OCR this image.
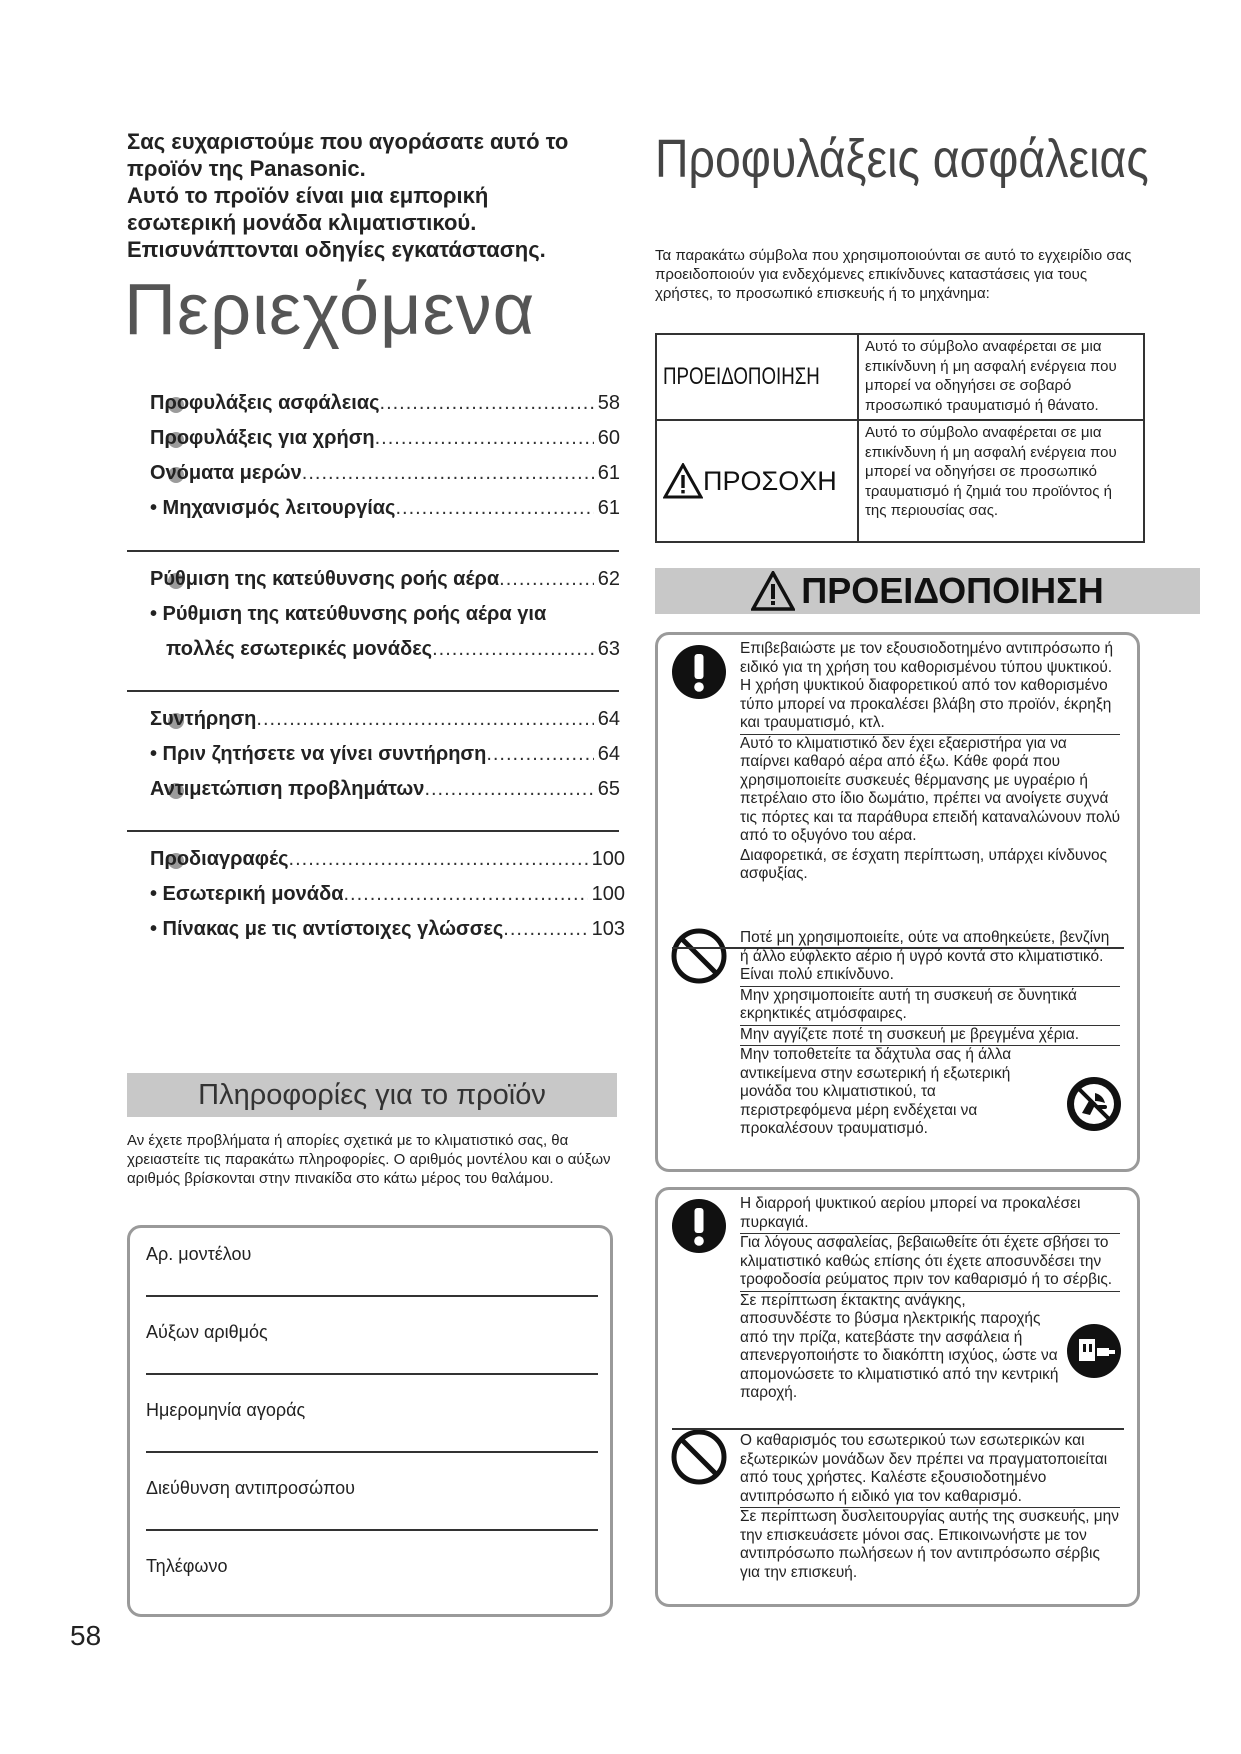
Σας ευχαριστούμε που αγοράσατε αυτό το
προϊόν της Panasonic.
Αυτό το προϊόν είναι μια εμπορική
εσωτερική μονάδα κλιματιστικού.
Επισυνάπτονται οδηγίες εγκατάστασης.
Περιεχόμενα
Προφυλάξεις ασφάλειας .....	58
Προφυλάξεις για χρήση .....	60
Ονόματα μερών .....	61
• Μηχανισμός λειτουργίας .....	61
Ρύθμιση της κατεύθυνσης ροής αέρα .....	62
• Ρύθμιση της κατεύθυνσης ροής αέρα για
πολλές εσωτερικές μονάδες .....	63
Συντήρηση .....	64
• Πριν ζητήσετε να γίνει συντήρηση .....	64
Αντιμετώπιση προβλημάτων .....	65
Προδιαγραφές .....	100
• Εσωτερική μονάδα .....	100
• Πίνακας με τις αντίστοιχες γλώσσες .....	103
Πληροφορίες για το προϊόν
Αν έχετε προβλήματα ή απορίες σχετικά με το κλιματιστικό σας, θα χρειαστείτε τις παρακάτω πληροφορίες. Ο αριθμός μοντέλου και ο αύξων αριθμός βρίσκονται στην πινακίδα στο κάτω μέρος του θαλάμου.
Αρ. μοντέλου
Αύξων αριθμός
Ημερομηνία αγοράς
Διεύθυνση αντιπροσώπου
Τηλέφωνο
58
Προφυλάξεις ασφάλειας
Τα παρακάτω σύμβολα που χρησιμοποιούνται σε αυτό το εγχειρίδιο σας προειδοποιούν για ενδεχόμενες επικίνδυνες καταστάσεις για τους χρήστες, το προσωπικό επισκευής ή το μηχάνημα:
ΠΡΟΕΙΔΟΠΟΙΗΣΗ
Αυτό το σύμβολο αναφέρεται σε μια επικίνδυνη ή μη ασφαλή ενέργεια που μπορεί να οδηγήσει σε σοβαρό προσωπικό τραυματισμό ή θάνατο.
ΠΡΟΣΟΧΗ
Αυτό το σύμβολο αναφέρεται σε μια επικίνδυνη ή μη ασφαλή ενέργεια που μπορεί να οδηγήσει σε προσωπικό τραυματισμό ή ζημιά του προϊόντος ή της περιουσίας σας.
ΠΡΟΕΙΔΟΠΟΙΗΣΗ

Επιβεβαιώστε με τον εξουσιοδοτημένο αντιπρόσωπο ή ειδικό για τη χρήση του καθορισμένου τύπου ψυκτικού. Η χρήση ψυκτικού διαφορετικού από τον καθορισμένο τύπο μπορεί να προκαλέσει βλάβη στο προϊόν, έκρηξη και τραυματισμό, κτλ.

Αυτό το κλιματιστικό δεν έχει εξαεριστήρα για να παίρνει καθαρό αέρα από έξω. Κάθε φορά που χρησιμοποιείτε συσκευές θέρμανσης με υγραέριο ή πετρέλαιο στο ίδιο δωμάτιο, πρέπει να ανοίγετε συχνά τις πόρτες και τα παράθυρα επειδή καταναλώνουν πολύ από το οξυγόνο του αέρα.

Διαφορετικά, σε έσχατη περίπτωση, υπάρχει κίνδυνος ασφυξίας.

Ποτέ μη χρησιμοποιείτε, ούτε να αποθηκεύετε, βενζίνη ή άλλο εύφλεκτο αέριο ή υγρό κοντά στο κλιματιστικό. Είναι πολύ επικίνδυνο.

Μην χρησιμοποιείτε αυτή τη συσκευή σε δυνητικά εκρηκτικές ατμόσφαιρες.

Μην αγγίζετε ποτέ τη συσκευή με βρεγμένα χέρια.

Μην τοποθετείτε τα δάχτυλα σας ή άλλα αντικείμενα στην εσωτερική ή εξωτερική μονάδα του κλιματιστικού, τα περιστρεφόμενα μέρη ενδέχεται να προκαλέσουν τραυματισμό.

Η διαρροή ψυκτικού αερίου μπορεί να προκαλέσει πυρκαγιά.

Για λόγους ασφαλείας, βεβαιωθείτε ότι έχετε σβήσει το κλιματιστικό καθώς επίσης ότι έχετε αποσυνδέσει την τροφοδοσία ρεύματος πριν τον καθαρισμό ή το σέρβις.

Σε περίπτωση έκτακτης ανάγκης, αποσυνδέστε το βύσμα ηλεκτρικής παροχής από την πρίζα, κατεβάστε την ασφάλεια ή απενεργοποιήστε το διακόπτη ισχύος, ώστε να απομονώσετε το κλιματιστικό από την κεντρική παροχή.

Ο καθαρισμός του εσωτερικού των εσωτερικών και εξωτερικών μονάδων δεν πρέπει να πραγματοποιείται από τους χρήστες. Καλέστε εξουσιοδοτημένο αντιπρόσωπο ή ειδικό για τον καθαρισμό.

Σε περίπτωση δυσλειτουργίας αυτής της συσκευής, μην την επισκευάσετε μόνοι σας. Επικοινωνήστε με τον αντιπρόσωπο πωλήσεων ή τον αντιπρόσωπο σέρβις για την επισκευή.
